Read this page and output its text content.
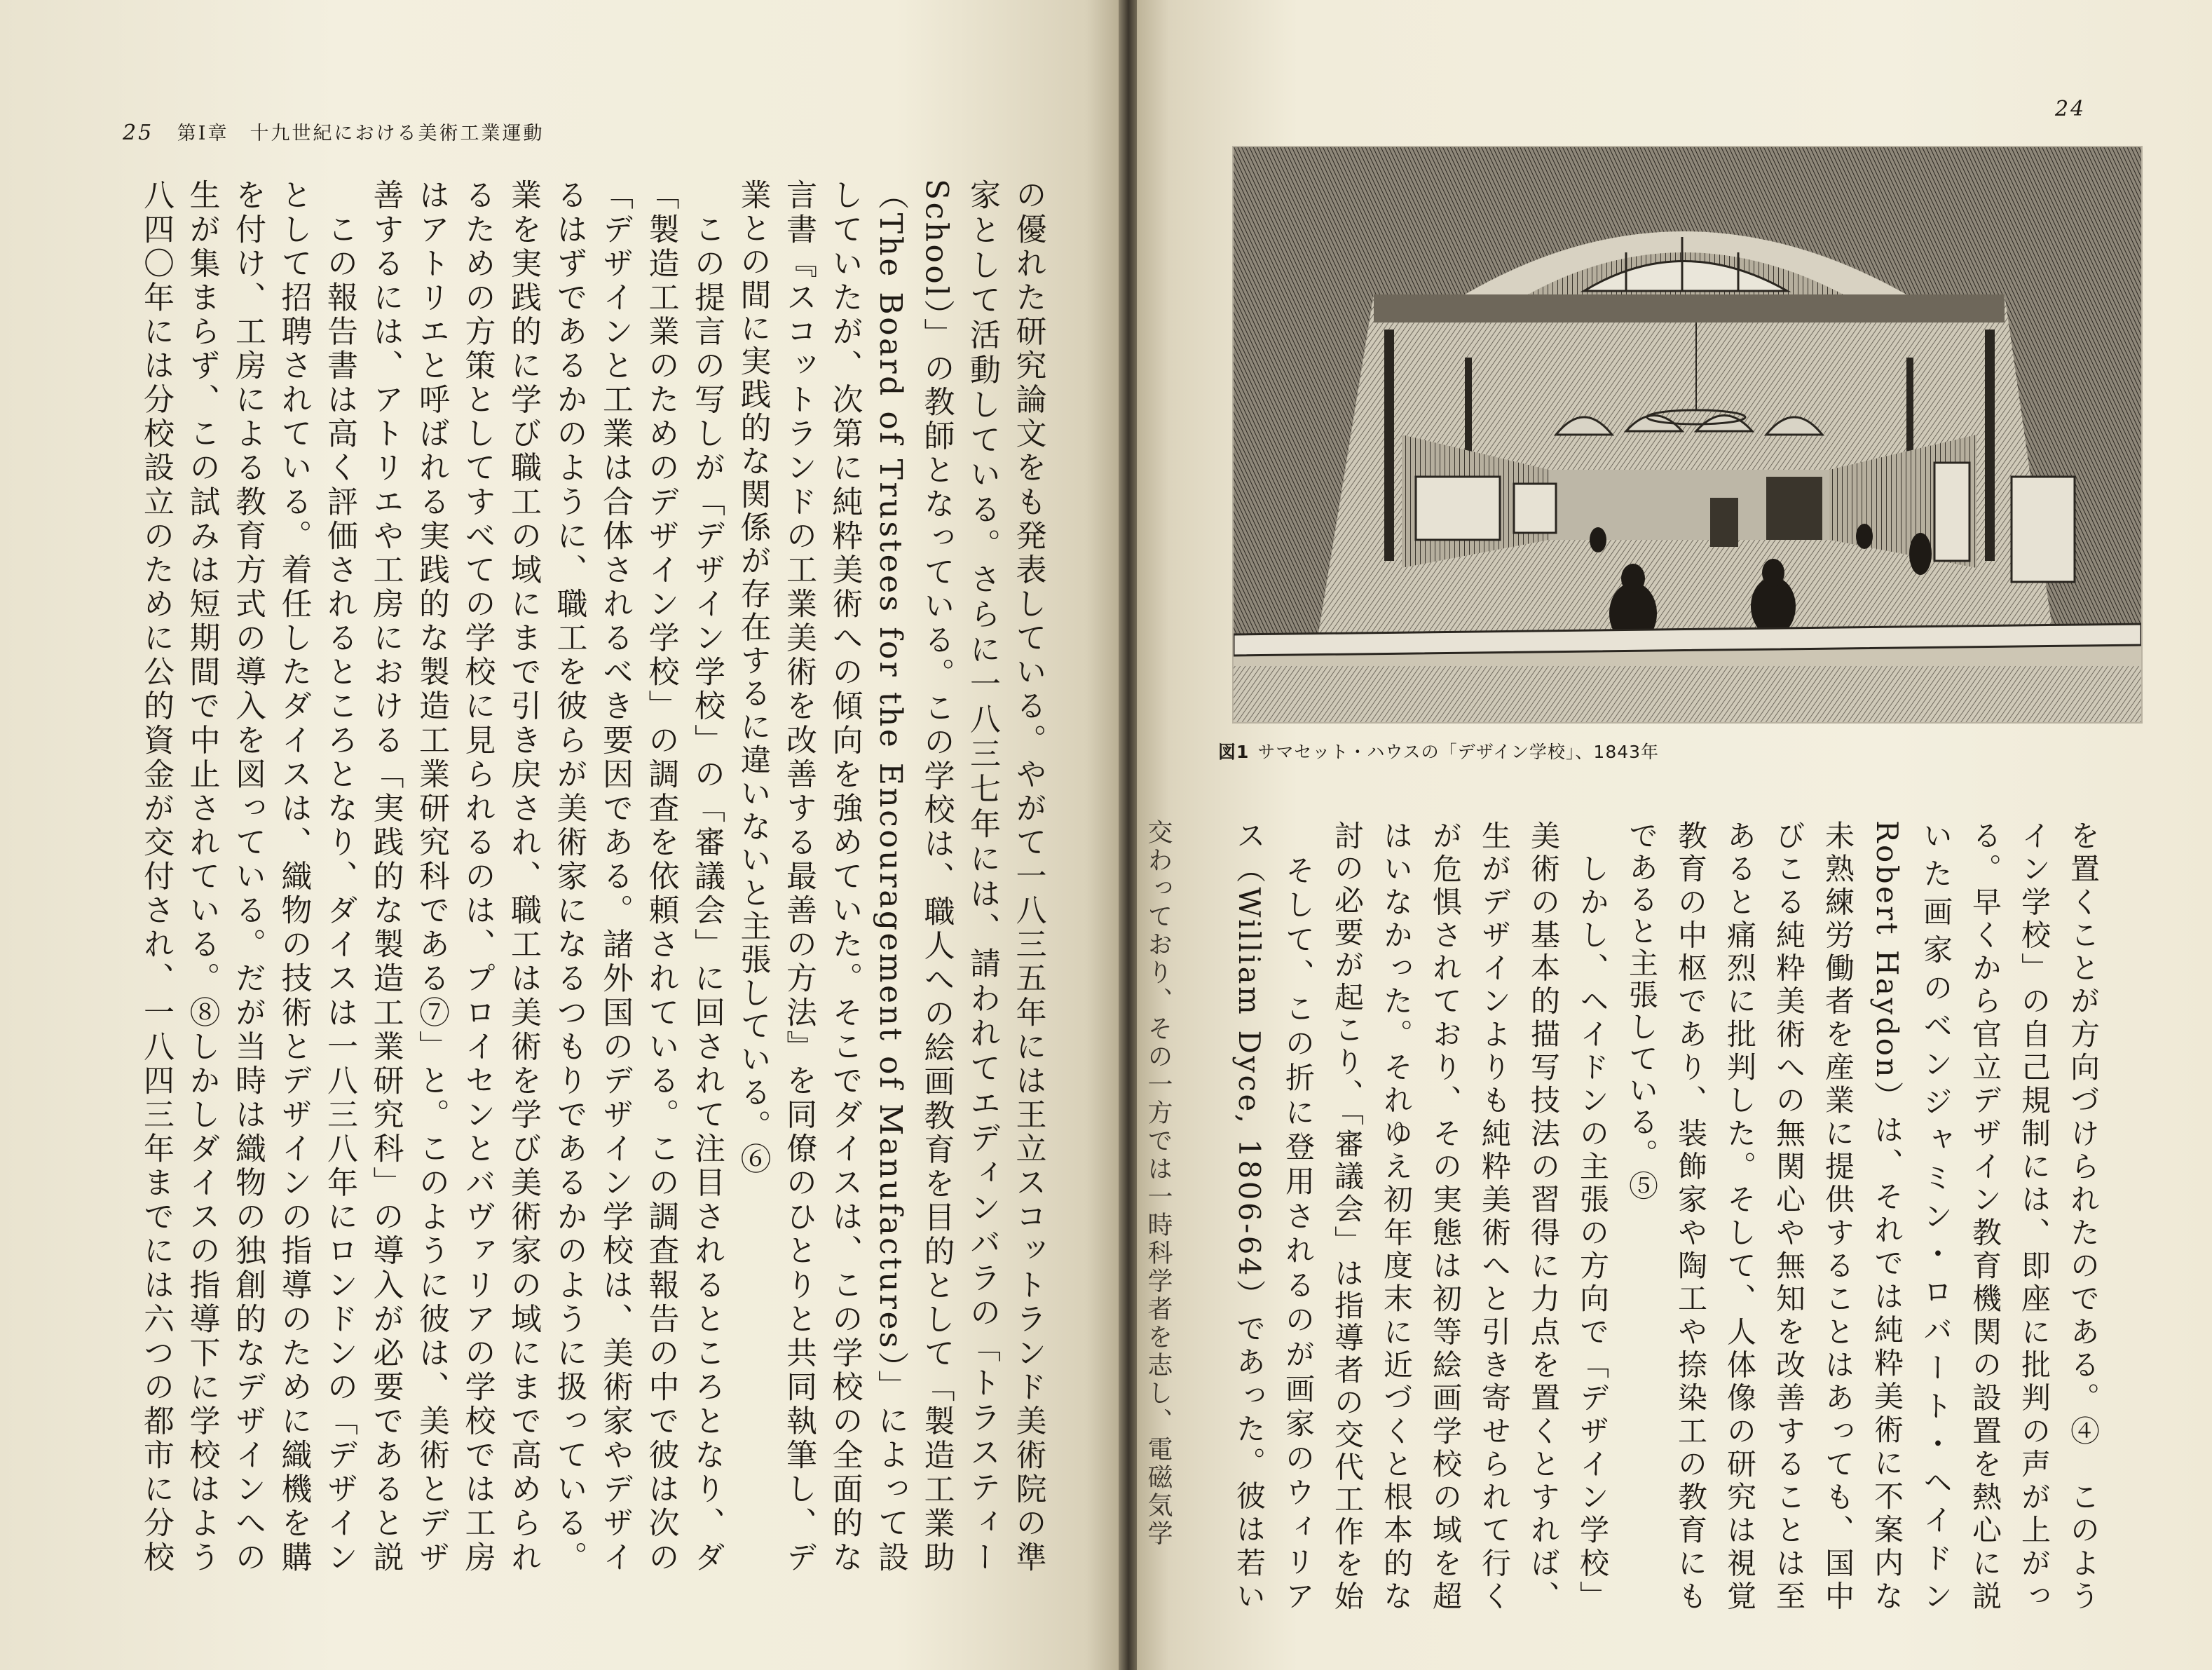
25 第Ⅰ章　十九世紀における美術工業運動
の優れた研究論文をも発表している。やがて一八三五年には王立スコットランド美術院の準
家として活動している。さらに一八三七年には、請われてエディンバラの「トラスティー
School）」の教師となっている。この学校は、職人への絵画教育を目的として「製造工業助
（The Board of Trustees for the Encouragement of Manufactures）」によって設
していたが、次第に純粋美術への傾向を強めていた。そこでダイスは、この学校の全面的な
言書『スコットランドの工業美術を改善する最善の方法』を同僚のひとりと共同執筆し、デ
業との間に実践的な関係が存在するに違いないと主張している。⑥
　この提言の写しが「デザイン学校」の「審議会」に回されて注目されるところとなり、ダ
「製造工業のためのデザイン学校」の調査を依頼されている。この調査報告の中で彼は次の
「デザインと工業は合体されるべき要因である。諸外国のデザイン学校は、美術家やデザイ
るはずであるかのように、職工を彼らが美術家になるつもりであるかのように扱っている。
業を実践的に学び職工の域にまで引き戻され、職工は美術を学び美術家の域にまで高められ
るための方策としてすべての学校に見られるのは、プロイセンとバヴァリアの学校では工房
はアトリエと呼ばれる実践的な製造工業研究科である⑦」と。このように彼は、美術とデザ
善するには、アトリエや工房における「実践的な製造工業研究科」の導入が必要であると説
　この報告書は高く評価されるところとなり、ダイスは一八三八年にロンドンの「デザイン
として招聘されている。着任したダイスは、織物の技術とデザインの指導のために織機を購
を付け、工房による教育方式の導入を図っている。だが当時は織物の独創的なデザインへの
生が集まらず、この試みは短期間で中止されている。⑧しかしダイスの指導下に学校はよう
八四〇年には分校設立のために公的資金が交付され、一八四三年までには六つの都市に分校
24
図1 サマセット・ハウスの「デザイン学校」、1843年
を置くことが方向づけられたのである。④　このよう
イン学校」の自己規制には、即座に批判の声が上がっ
る。早くから官立デザイン教育機関の設置を熱心に説
いた画家のベンジャミン・ロバート・ヘイドン
Robert Haydon）は、それでは純粋美術に不案内な
未熟練労働者を産業に提供することはあっても、国中
びこる純粋美術への無関心や無知を改善することは至
あると痛烈に批判した。そして、人体像の研究は視覚
教育の中枢であり、装飾家や陶工や捺染工の教育にも
であると主張している。⑤
　しかし、ヘイドンの主張の方向で「デザイン学校」
美術の基本的描写技法の習得に力点を置くとすれば、
生がデザインよりも純粋美術へと引き寄せられて行く
が危惧されており、その実態は初等絵画学校の域を超
はいなかった。それゆえ初年度末に近づくと根本的な
討の必要が起こり、「審議会」は指導者の交代工作を始
　そして、この折に登用されるのが画家のウィリア
ス（William Dyce, 1806-64）であった。彼は若い
交わっており、その一方では一時科学者を志し、電磁気学
